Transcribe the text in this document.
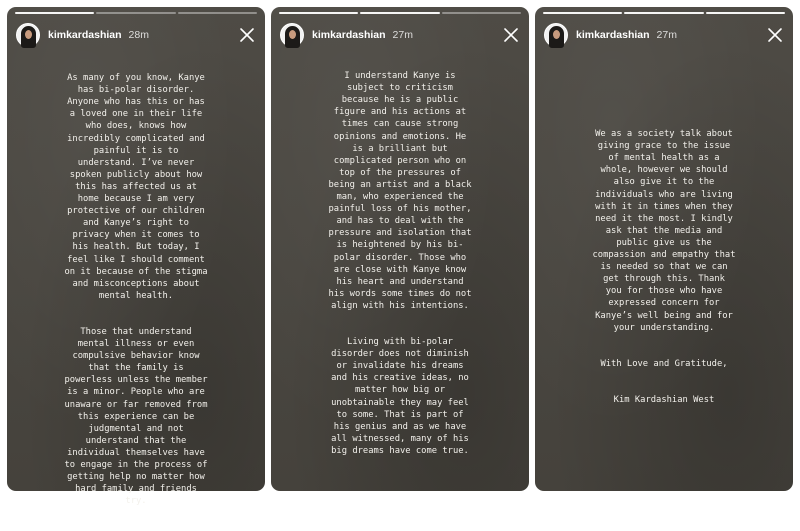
kimkardashian 28m

As many of you know, Kanye
has bi-polar disorder.
Anyone who has this or has
a loved one in their life
who does, knows how
incredibly complicated and
painful it is to
understand. I’ve never
spoken publicly about how
this has affected us at
home because I am very
protective of our children
and Kanye’s right to
privacy when it comes to
his health. But today, I
feel like I should comment
on it because of the stigma
and misconceptions about
mental health.

Those that understand
mental illness or even
compulsive behavior know
that the family is
powerless unless the member
is a minor. People who are
unaware or far removed from
this experience can be
judgmental and not
understand that the
individual themselves have
to engage in the process of
getting help no matter how
hard family and friends
try.

kimkardashian 27m

I understand Kanye is
subject to criticism
because he is a public
figure and his actions at
times can cause strong
opinions and emotions. He
is a brilliant but
complicated person who on
top of the pressures of
being an artist and a black
man, who experienced the
painful loss of his mother,
and has to deal with the
pressure and isolation that
is heightened by his bi-
polar disorder. Those who
are close with Kanye know
his heart and understand
his words some times do not
align with his intentions.

Living with bi-polar
disorder does not diminish
or invalidate his dreams
and his creative ideas, no
matter how big or
unobtainable they may feel
to some. That is part of
his genius and as we have
all witnessed, many of his
big dreams have come true.

kimkardashian 27m

We as a society talk about
giving grace to the issue
of mental health as a
whole, however we should
also give it to the
individuals who are living
with it in times when they
need it the most. I kindly
ask that the media and
public give us the
compassion and empathy that
is needed so that we can
get through this. Thank
you for those who have
expressed concern for
Kanye’s well being and for
your understanding.

With Love and Gratitude,

Kim Kardashian West
